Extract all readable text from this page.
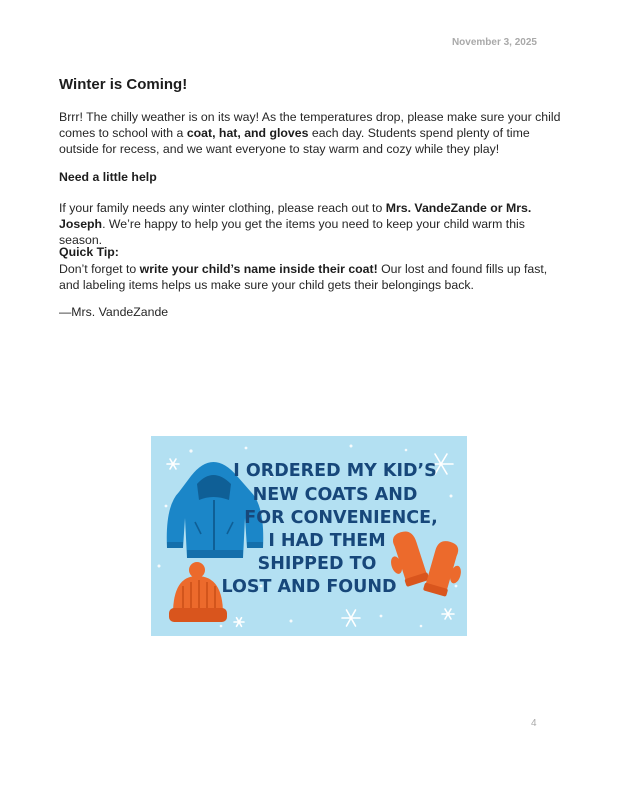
November 3, 2025
Winter is Coming!
Brrr! The chilly weather is on its way! As the temperatures drop, please make sure your child comes to school with a coat, hat, and gloves each day. Students spend plenty of time outside for recess, and we want everyone to stay warm and cozy while they play!
Need a little help
If your family needs any winter clothing, please reach out to Mrs. VandeZande or Mrs. Joseph. We’re happy to help you get the items you need to keep your child warm this season.
Quick Tip:
Don’t forget to write your child’s name inside their coat! Our lost and found fills up fast, and labeling items helps us make sure your child gets their belongings back.
—Mrs. VandeZande
I ORDERED MY KID’S
NEW COATS AND
FOR CONVENIENCE,
I HAD THEM
SHIPPED TO
LOST AND FOUND
4
